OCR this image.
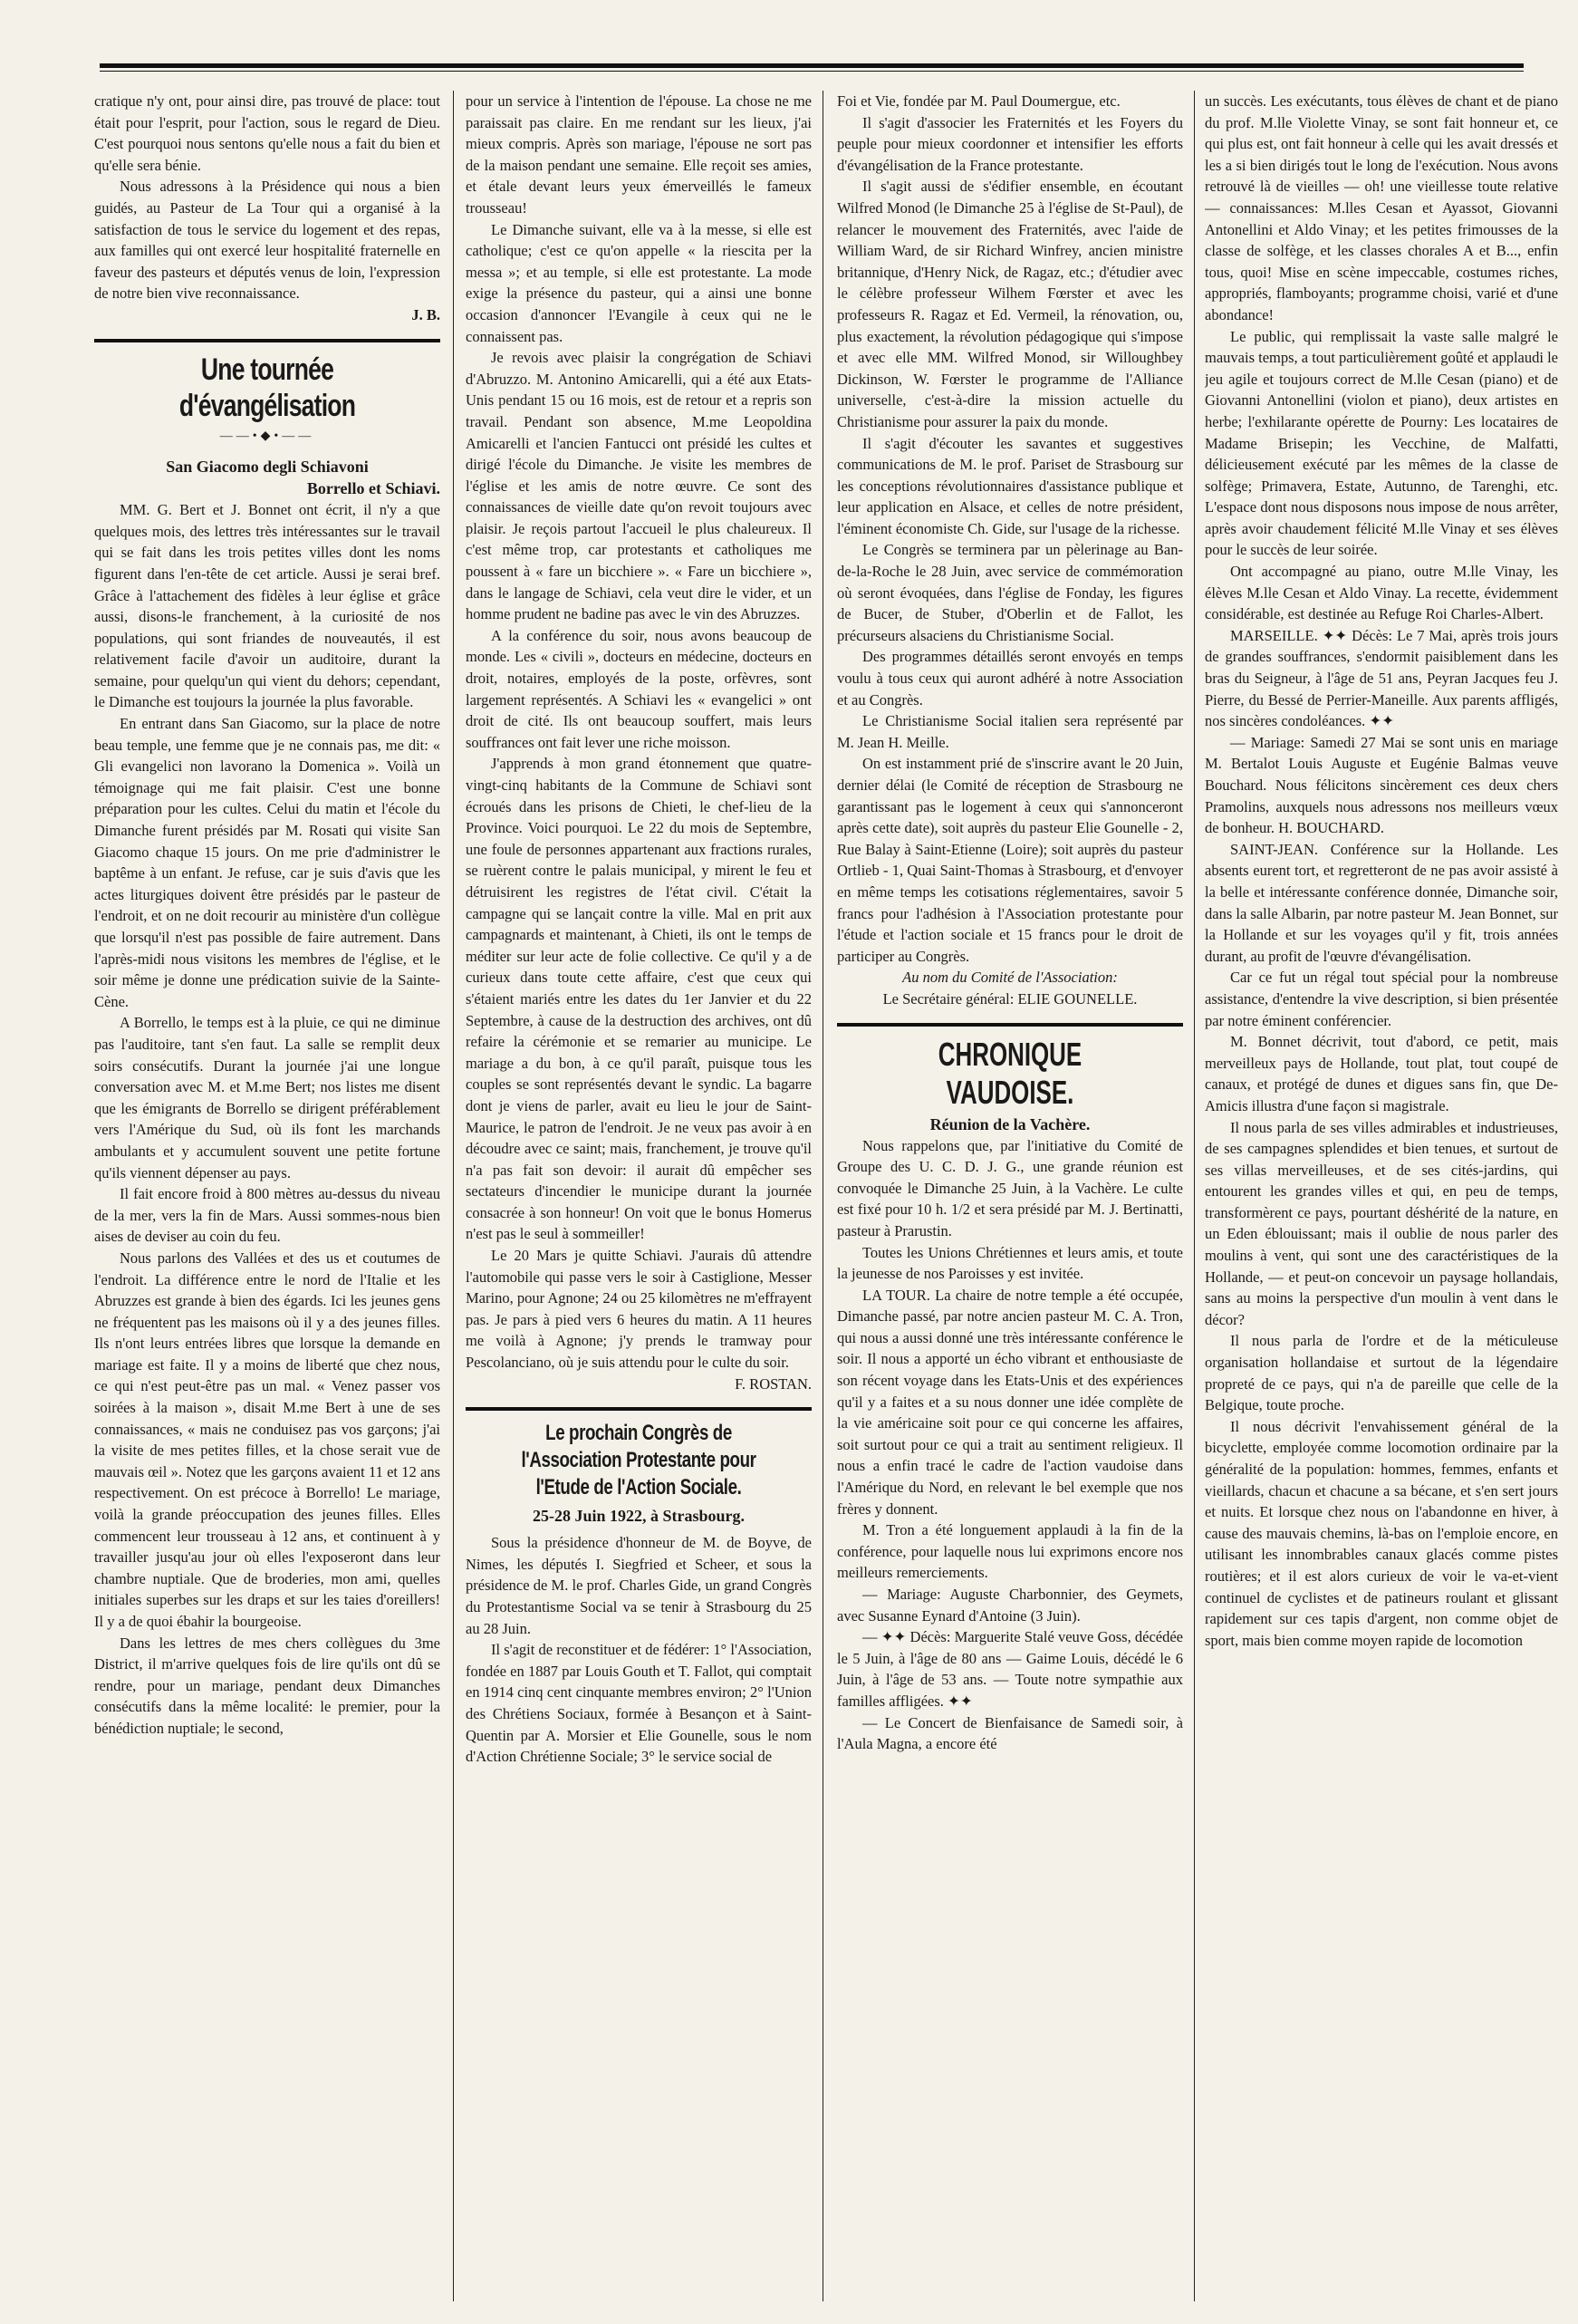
cratique n'y ont, pour ainsi dire, pas trouvé de place: tout était pour l'esprit, pour l'action, sous le regard de Dieu. C'est pourquoi nous sentons qu'elle nous a fait du bien et qu'elle sera bénie.

Nous adressons à la Présidence qui nous a bien guidés, au Pasteur de La Tour qui a organisé à la satisfaction de tous le service du logement et des repas, aux familles qui ont exercé leur hospitalité fraternelle en faveur des pasteurs et députés venus de loin, l'expression de notre bien vive reconnaissance.

J. B.

Une tournée d'évangélisation
——•◆•——

San Giacomo degli Schiavoni

Borrello et Schiavi.

MM. G. Bert et J. Bonnet ont écrit, il n'y a que quelques mois, des lettres très intéressantes sur le travail qui se fait dans les trois petites villes dont les noms figurent dans l'en-tête de cet article. Aussi je serai bref. Grâce à l'attachement des fidèles à leur église et grâce aussi, disons-le franchement, à la curiosité de nos populations, qui sont friandes de nouveautés, il est relativement facile d'avoir un auditoire, durant la semaine, pour quelqu'un qui vient du dehors; cependant, le Dimanche est toujours la journée la plus favorable.

En entrant dans San Giacomo, sur la place de notre beau temple, une femme que je ne connais pas, me dit: « Gli evangelici non lavorano la Domenica ». Voilà un témoignage qui me fait plaisir. C'est une bonne préparation pour les cultes. Celui du matin et l'école du Dimanche furent présidés par M. Rosati qui visite San Giacomo chaque 15 jours. On me prie d'administrer le baptême à un enfant. Je refuse, car je suis d'avis que les actes liturgiques doivent être présidés par le pasteur de l'endroit, et on ne doit recourir au ministère d'un collègue que lorsqu'il n'est pas possible de faire autrement. Dans l'après-midi nous visitons les membres de l'église, et le soir même je donne une prédication suivie de la Sainte-Cène.

A Borrello, le temps est à la pluie, ce qui ne diminue pas l'auditoire, tant s'en faut. La salle se remplit deux soirs consécutifs. Durant la journée j'ai une longue conversation avec M. et M.me Bert; nos listes me disent que les émigrants de Borrello se dirigent préférablement vers l'Amérique du Sud, où ils font les marchands ambulants et y accumulent souvent une petite fortune qu'ils viennent dépenser au pays.

Il fait encore froid à 800 mètres au-dessus du niveau de la mer, vers la fin de Mars. Aussi sommes-nous bien aises de deviser au coin du feu.

Nous parlons des Vallées et des us et coutumes de l'endroit. La différence entre le nord de l'Italie et les Abruzzes est grande à bien des égards. Ici les jeunes gens ne fréquentent pas les maisons où il y a des jeunes filles. Ils n'ont leurs entrées libres que lorsque la demande en mariage est faite. Il y a moins de liberté que chez nous, ce qui n'est peut-être pas un mal. « Venez passer vos soirées à la maison », disait M.me Bert à une de ses connaissances, « mais ne conduisez pas vos garçons; j'ai la visite de mes petites filles, et la chose serait vue de mauvais œil ». Notez que les garçons avaient 11 et 12 ans respectivement. On est précoce à Borrello! Le mariage, voilà la grande préoccupation des jeunes filles. Elles commencent leur trousseau à 12 ans, et continuent à y travailler jusqu'au jour où elles l'exposeront dans leur chambre nuptiale. Que de broderies, mon ami, quelles initiales superbes sur les draps et sur les taies d'oreillers! Il y a de quoi ébahir la bourgeoise.

Dans les lettres de mes chers collègues du 3me District, il m'arrive quelques fois de lire qu'ils ont dû se rendre, pour un mariage, pendant deux Dimanches consécutifs dans la même localité: le premier, pour la bénédiction nuptiale; le second,

pour un service à l'intention de l'épouse. La chose ne me paraissait pas claire. En me rendant sur les lieux, j'ai mieux compris. Après son mariage, l'épouse ne sort pas de la maison pendant une semaine. Elle reçoit ses amies, et étale devant leurs yeux émerveillés le fameux trousseau!

Le Dimanche suivant, elle va à la messe, si elle est catholique; c'est ce qu'on appelle « la riescita per la messa »; et au temple, si elle est protestante. La mode exige la présence du pasteur, qui a ainsi une bonne occasion d'annoncer l'Evangile à ceux qui ne le connaissent pas.

Je revois avec plaisir la congrégation de Schiavi d'Abruzzo. M. Antonino Amicarelli, qui a été aux Etats-Unis pendant 15 ou 16 mois, est de retour et a repris son travail. Pendant son absence, M.me Leopoldina Amicarelli et l'ancien Fantucci ont présidé les cultes et dirigé l'école du Dimanche. Je visite les membres de l'église et les amis de notre œuvre. Ce sont des connaissances de vieille date qu'on revoit toujours avec plaisir. Je reçois partout l'accueil le plus chaleureux. Il c'est même trop, car protestants et catholiques me poussent à « fare un bicchiere ». « Fare un bicchiere », dans le langage de Schiavi, cela veut dire le vider, et un homme prudent ne badine pas avec le vin des Abruzzes.

A la conférence du soir, nous avons beaucoup de monde. Les « civili », docteurs en médecine, docteurs en droit, notaires, employés de la poste, orfèvres, sont largement représentés. A Schiavi les « evangelici » ont droit de cité. Ils ont beaucoup souffert, mais leurs souffrances ont fait lever une riche moisson.

J'apprends à mon grand étonnement que quatre-vingt-cinq habitants de la Commune de Schiavi sont écroués dans les prisons de Chieti, le chef-lieu de la Province. Voici pourquoi. Le 22 du mois de Septembre, une foule de personnes appartenant aux fractions rurales, se ruèrent contre le palais municipal, y mirent le feu et détruisirent les registres de l'état civil. C'était la campagne qui se lançait contre la ville. Mal en prit aux campagnards et maintenant, à Chieti, ils ont le temps de méditer sur leur acte de folie collective. Ce qu'il y a de curieux dans toute cette affaire, c'est que ceux qui s'étaient mariés entre les dates du 1er Janvier et du 22 Septembre, à cause de la destruction des archives, ont dû refaire la cérémonie et se remarier au municipe. Le mariage a du bon, à ce qu'il paraît, puisque tous les couples se sont représentés devant le syndic. La bagarre dont je viens de parler, avait eu lieu le jour de Saint-Maurice, le patron de l'endroit. Je ne veux pas avoir à en découdre avec ce saint; mais, franchement, je trouve qu'il n'a pas fait son devoir: il aurait dû empêcher ses sectateurs d'incendier le municipe durant la journée consacrée à son honneur! On voit que le bonus Homerus n'est pas le seul à sommeiller!

Le 20 Mars je quitte Schiavi. J'aurais dû attendre l'automobile qui passe vers le soir à Castiglione, Messer Marino, pour Agnone; 24 ou 25 kilomètres ne m'effrayent pas. Je pars à pied vers 6 heures du matin. A 11 heures me voilà à Agnone; j'y prends le tramway pour Pescolanciano, où je suis attendu pour le culte du soir.

F. ROSTAN.

Le prochain Congrès de l'Association Protestante pour l'Etude de l'Action Sociale.
25-28 Juin 1922, à Strasbourg.

Sous la présidence d'honneur de M. de Boyve, de Nimes, les députés I. Siegfried et Scheer, et sous la présidence de M. le prof. Charles Gide, un grand Congrès du Protestantisme Social va se tenir à Strasbourg du 25 au 28 Juin.

Il s'agit de reconstituer et de fédérer: 1° l'Association, fondée en 1887 par Louis Gouth et T. Fallot, qui comptait en 1914 cinq cent cinquante membres environ; 2° l'Union des Chrétiens Sociaux, formée à Besançon et à Saint-Quentin par A. Morsier et Elie Gounelle, sous le nom d'Action Chrétienne Sociale; 3° le service social de

Foi et Vie, fondée par M. Paul Doumergue, etc.

Il s'agit d'associer les Fraternités et les Foyers du peuple pour mieux coordonner et intensifier les efforts d'évangélisation de la France protestante.

Il s'agit aussi de s'édifier ensemble, en écoutant Wilfred Monod (le Dimanche 25 à l'église de St-Paul), de relancer le mouvement des Fraternités, avec l'aide de William Ward, de sir Richard Winfrey, ancien ministre britannique, d'Henry Nick, de Ragaz, etc.; d'étudier avec le célèbre professeur Wilhem Fœrster et avec les professeurs R. Ragaz et Ed. Vermeil, la rénovation, ou, plus exactement, la révolution pédagogique qui s'impose et avec elle MM. Wilfred Monod, sir Willoughbey Dickinson, W. Fœrster le programme de l'Alliance universelle, c'est-à-dire la mission actuelle du Christianisme pour assurer la paix du monde.

Il s'agit d'écouter les savantes et suggestives communications de M. le prof. Pariset de Strasbourg sur les conceptions révolutionnaires d'assistance publique et leur application en Alsace, et celles de notre président, l'éminent économiste Ch. Gide, sur l'usage de la richesse.

Le Congrès se terminera par un pèlerinage au Ban-de-la-Roche le 28 Juin, avec service de commémoration où seront évoquées, dans l'église de Fonday, les figures de Bucer, de Stuber, d'Oberlin et de Fallot, les précurseurs alsaciens du Christianisme Social.

Des programmes détaillés seront envoyés en temps voulu à tous ceux qui auront adhéré à notre Association et au Congrès.

Le Christianisme Social italien sera représenté par M. Jean H. Meille.

On est instamment prié de s'inscrire avant le 20 Juin, dernier délai (le Comité de réception de Strasbourg ne garantissant pas le logement à ceux qui s'annonceront après cette date), soit auprès du pasteur Elie Gounelle - 2, Rue Balay à Saint-Etienne (Loire); soit auprès du pasteur Ortlieb - 1, Quai Saint-Thomas à Strasbourg, et d'envoyer en même temps les cotisations réglementaires, savoir 5 francs pour l'adhésion à l'Association protestante pour l'étude et l'action sociale et 15 francs pour le droit de participer au Congrès.

Au nom du Comité de l'Association:

Le Secrétaire général: ELIE GOUNELLE.

CHRONIQUE VAUDOISE.

Réunion de la Vachère.

Nous rappelons que, par l'initiative du Comité de Groupe des U. C. D. J. G., une grande réunion est convoquée le Dimanche 25 Juin, à la Vachère. Le culte est fixé pour 10 h. 1/2 et sera présidé par M. J. Bertinatti, pasteur à Prarustin.

Toutes les Unions Chrétiennes et leurs amis, et toute la jeunesse de nos Paroisses y est invitée.

LA TOUR. La chaire de notre temple a été occupée, Dimanche passé, par notre ancien pasteur M. C. A. Tron, qui nous a aussi donné une très intéressante conférence le soir. Il nous a apporté un écho vibrant et enthousiaste de son récent voyage dans les Etats-Unis et des expériences qu'il y a faites et a su nous donner une idée complète de la vie américaine soit pour ce qui concerne les affaires, soit surtout pour ce qui a trait au sentiment religieux. Il nous a enfin tracé le cadre de l'action vaudoise dans l'Amérique du Nord, en relevant le bel exemple que nos frères y donnent.

M. Tron a été longuement applaudi à la fin de la conférence, pour laquelle nous lui exprimons encore nos meilleurs remerciements.

— Mariage: Auguste Charbonnier, des Geymets, avec Susanne Eynard d'Antoine (3 Juin).

— ✦✦ Décès: Marguerite Stalé veuve Goss, décédée le 5 Juin, à l'âge de 80 ans — Gaime Louis, décédé le 6 Juin, à l'âge de 53 ans. — Toute notre sympathie aux familles affligées. ✦✦

— Le Concert de Bienfaisance de Samedi soir, à l'Aula Magna, a encore été

un succès. Les exécutants, tous élèves de chant et de piano du prof. M.lle Violette Vinay, se sont fait honneur et, ce qui plus est, ont fait honneur à celle qui les avait dressés et les a si bien dirigés tout le long de l'exécution. Nous avons retrouvé là de vieilles — oh! une vieillesse toute relative — connaissances: M.lles Cesan et Ayassot, Giovanni Antonellini et Aldo Vinay; et les petites frimousses de la classe de solfège, et les classes chorales A et B..., enfin tous, quoi! Mise en scène impeccable, costumes riches, appropriés, flamboyants; programme choisi, varié et d'une abondance!

Le public, qui remplissait la vaste salle malgré le mauvais temps, a tout particulièrement goûté et applaudi le jeu agile et toujours correct de M.lle Cesan (piano) et de Giovanni Antonellini (violon et piano), deux artistes en herbe; l'exhilarante opérette de Pourny: Les locataires de Madame Brisepin; les Vecchine, de Malfatti, délicieusement exécuté par les mêmes de la classe de solfège; Primavera, Estate, Autunno, de Tarenghi, etc. L'espace dont nous disposons nous impose de nous arrêter, après avoir chaudement félicité M.lle Vinay et ses élèves pour le succès de leur soirée.

Ont accompagné au piano, outre M.lle Vinay, les élèves M.lle Cesan et Aldo Vinay. La recette, évidemment considérable, est destinée au Refuge Roi Charles-Albert.

MARSEILLE. ✦✦ Décès: Le 7 Mai, après trois jours de grandes souffrances, s'endormit paisiblement dans les bras du Seigneur, à l'âge de 51 ans, Peyran Jacques feu J. Pierre, du Bessé de Perrier-Maneille. Aux parents affligés, nos sincères condoléances. ✦✦

— Mariage: Samedi 27 Mai se sont unis en mariage M. Bertalot Louis Auguste et Eugénie Balmas veuve Bouchard. Nous félicitons sincèrement ces deux chers Pramolins, auxquels nous adressons nos meilleurs vœux de bonheur. H. BOUCHARD.

SAINT-JEAN. Conférence sur la Hollande. Les absents eurent tort, et regretteront de ne pas avoir assisté à la belle et intéressante conférence donnée, Dimanche soir, dans la salle Albarin, par notre pasteur M. Jean Bonnet, sur la Hollande et sur les voyages qu'il y fit, trois années durant, au profit de l'œuvre d'évangélisation.

Car ce fut un régal tout spécial pour la nombreuse assistance, d'entendre la vive description, si bien présentée par notre éminent conférencier.

M. Bonnet décrivit, tout d'abord, ce petit, mais merveilleux pays de Hollande, tout plat, tout coupé de canaux, et protégé de dunes et digues sans fin, que De-Amicis illustra d'une façon si magistrale.

Il nous parla de ses villes admirables et industrieuses, de ses campagnes splendides et bien tenues, et surtout de ses villas merveilleuses, et de ses cités-jardins, qui entourent les grandes villes et qui, en peu de temps, transformèrent ce pays, pourtant déshérité de la nature, en un Eden éblouissant; mais il oublie de nous parler des moulins à vent, qui sont une des caractéristiques de la Hollande, — et peut-on concevoir un paysage hollandais, sans au moins la perspective d'un moulin à vent dans le décor?

Il nous parla de l'ordre et de la méticuleuse organisation hollandaise et surtout de la légendaire propreté de ce pays, qui n'a de pareille que celle de la Belgique, toute proche.

Il nous décrivit l'envahissement général de la bicyclette, employée comme locomotion ordinaire par la généralité de la population: hommes, femmes, enfants et vieillards, chacun et chacune a sa bécane, et s'en sert jours et nuits. Et lorsque chez nous on l'abandonne en hiver, à cause des mauvais chemins, là-bas on l'emploie encore, en utilisant les innombrables canaux glacés comme pistes routières; et il est alors curieux de voir le va-et-vient continuel de cyclistes et de patineurs roulant et glissant rapidement sur ces tapis d'argent, non comme objet de sport, mais bien comme moyen rapide de locomotion
